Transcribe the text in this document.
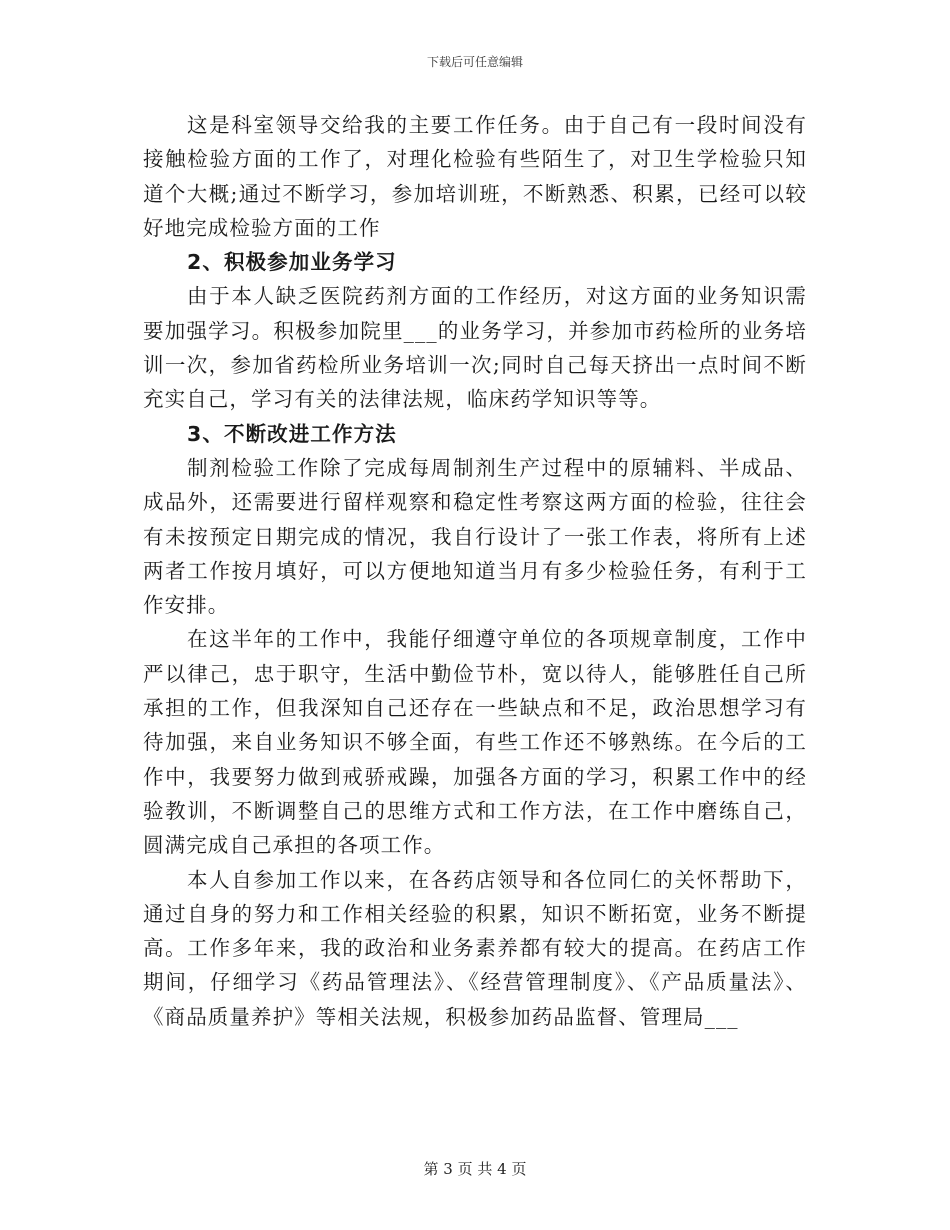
下载后可任意编辑

这是科室领导交给我的主要工作任务。由于自己有一段时间没有接触检验方面的工作了，对理化检验有些陌生了，对卫生学检验只知道个大概;通过不断学习，参加培训班，不断熟悉、积累，已经可以较好地完成检验方面的工作

2、积极参加业务学习

由于本人缺乏医院药剂方面的工作经历，对这方面的业务知识需要加强学习。积极参加院里___的业务学习，并参加市药检所的业务培训一次，参加省药检所业务培训一次;同时自己每天挤出一点时间不断充实自己，学习有关的法律法规，临床药学知识等等。

3、不断改进工作方法

制剂检验工作除了完成每周制剂生产过程中的原辅料、半成品、成品外，还需要进行留样观察和稳定性考察这两方面的检验，往往会有未按预定日期完成的情况，我自行设计了一张工作表，将所有上述两者工作按月填好，可以方便地知道当月有多少检验任务，有利于工作安排。

在这半年的工作中，我能仔细遵守单位的各项规章制度，工作中严以律己，忠于职守，生活中勤俭节朴，宽以待人，能够胜任自己所承担的工作，但我深知自己还存在一些缺点和不足，政治思想学习有待加强，来自业务知识不够全面，有些工作还不够熟练。在今后的工作中，我要努力做到戒骄戒躁，加强各方面的学习，积累工作中的经验教训，不断调整自己的思维方式和工作方法，在工作中磨练自己，圆满完成自己承担的各项工作。

本人自参加工作以来，在各药店领导和各位同仁的关怀帮助下，通过自身的努力和工作相关经验的积累，知识不断拓宽，业务不断提高。工作多年来，我的政治和业务素养都有较大的提高。在药店工作期间，仔细学习《药品管理法》、《经营管理制度》、《产品质量法》、《商品质量养护》等相关法规，积极参加药品监督、管理局___

第 3 页 共 4 页
